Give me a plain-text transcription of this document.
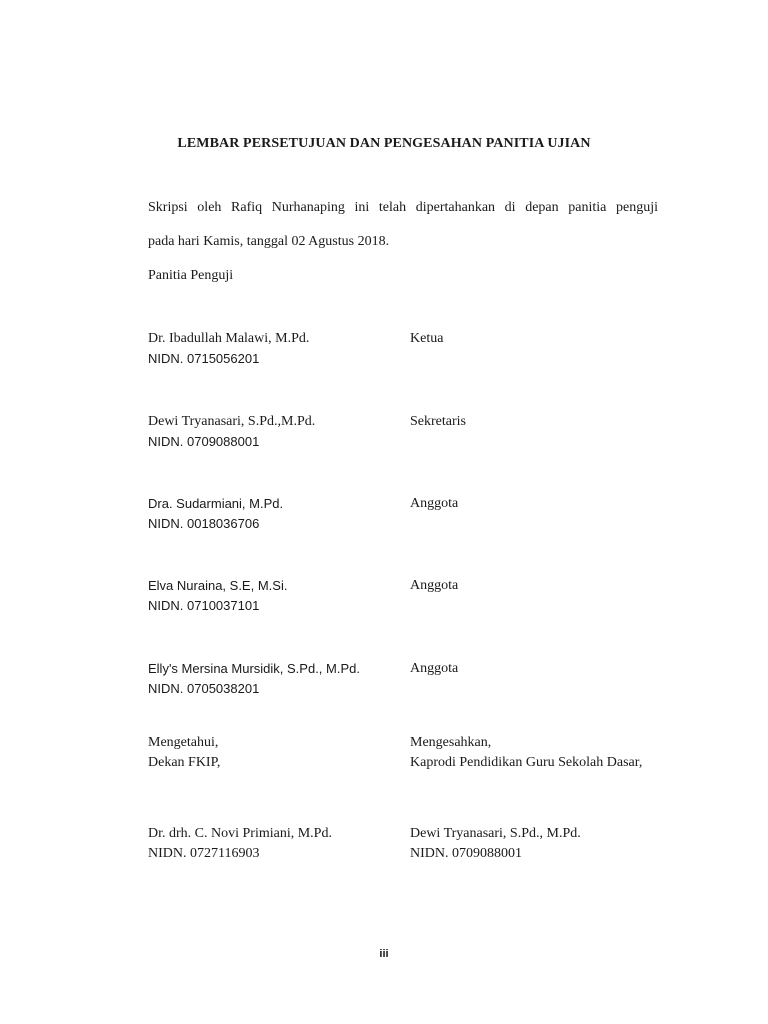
LEMBAR PERSETUJUAN DAN PENGESAHAN PANITIA UJIAN
Skripsi oleh Rafiq Nurhanaping ini telah dipertahankan di depan panitia penguji
pada hari Kamis, tanggal 02 Agustus 2018.
Panitia Penguji
Dr. Ibadullah Malawi, M.Pd.
NIDN. 0715056201
Ketua
Dewi Tryanasari, S.Pd.,M.Pd.
NIDN. 0709088001
Sekretaris
Dra. Sudarmiani, M.Pd.
NIDN. 0018036706
Anggota
Elva Nuraina, S.E, M.Si.
NIDN. 0710037101
Anggota
Elly's Mersina Mursidik, S.Pd., M.Pd.
NIDN. 0705038201
Anggota
Mengetahui,
Dekan FKIP,
Mengesahkan,
Kaprodi Pendidikan Guru Sekolah Dasar,
Dr. drh. C. Novi Primiani, M.Pd.
NIDN. 0727116903
Dewi Tryanasari, S.Pd., M.Pd.
NIDN. 0709088001
iii
